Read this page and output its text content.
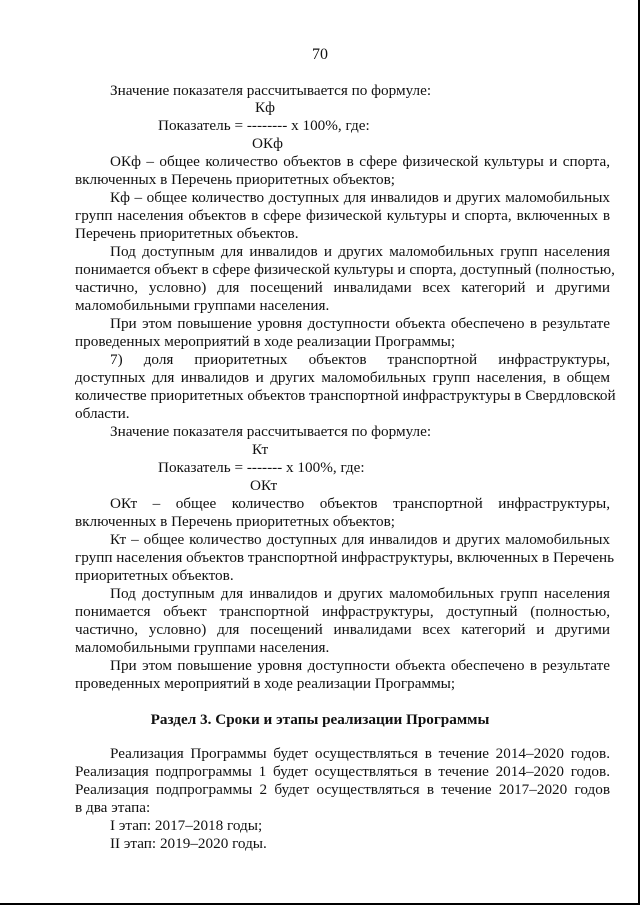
70
Значение показателя рассчитывается по формуле:
Кф
Показатель = -------- х 100%, где:
ОКф
ОКф – общее количество объектов в сфере физической культуры и спорта,
включенных в Перечень приоритетных объектов;
Кф – общее количество доступных для инвалидов и других маломобильных
групп населения объектов в сфере физической культуры и спорта, включенных в
Перечень приоритетных объектов.
Под доступным для инвалидов и других маломобильных групп населения
понимается объект в сфере физической культуры и спорта, доступный (полностью,
частично, условно) для посещений инвалидами всех категорий и другими
маломобильными группами населения.
При этом повышение уровня доступности объекта обеспечено в результате
проведенных мероприятий в ходе реализации Программы;
7) доля приоритетных объектов транспортной инфраструктуры,
доступных для инвалидов и других маломобильных групп населения, в общем
количестве приоритетных объектов транспортной инфраструктуры в Свердловской
области.
Значение показателя рассчитывается по формуле:
Кт
Показатель = ------- х 100%, где:
ОКт
ОКт – общее количество объектов транспортной инфраструктуры,
включенных в Перечень приоритетных объектов;
Кт – общее количество доступных для инвалидов и других маломобильных
групп населения объектов транспортной инфраструктуры, включенных в Перечень
приоритетных объектов.
Под доступным для инвалидов и других маломобильных групп населения
понимается объект транспортной инфраструктуры, доступный (полностью,
частично, условно) для посещений инвалидами всех категорий и другими
маломобильными группами населения.
При этом повышение уровня доступности объекта обеспечено в результате
проведенных мероприятий в ходе реализации Программы;
Раздел 3. Сроки и этапы реализации Программы
Реализация Программы будет осуществляться в течение 2014–2020 годов.
Реализация подпрограммы 1 будет осуществляться в течение 2014–2020 годов.
Реализация подпрограммы 2 будет осуществляться в течение 2017–2020 годов
в два этапа:
I этап: 2017–2018 годы;
II этап: 2019–2020 годы.
